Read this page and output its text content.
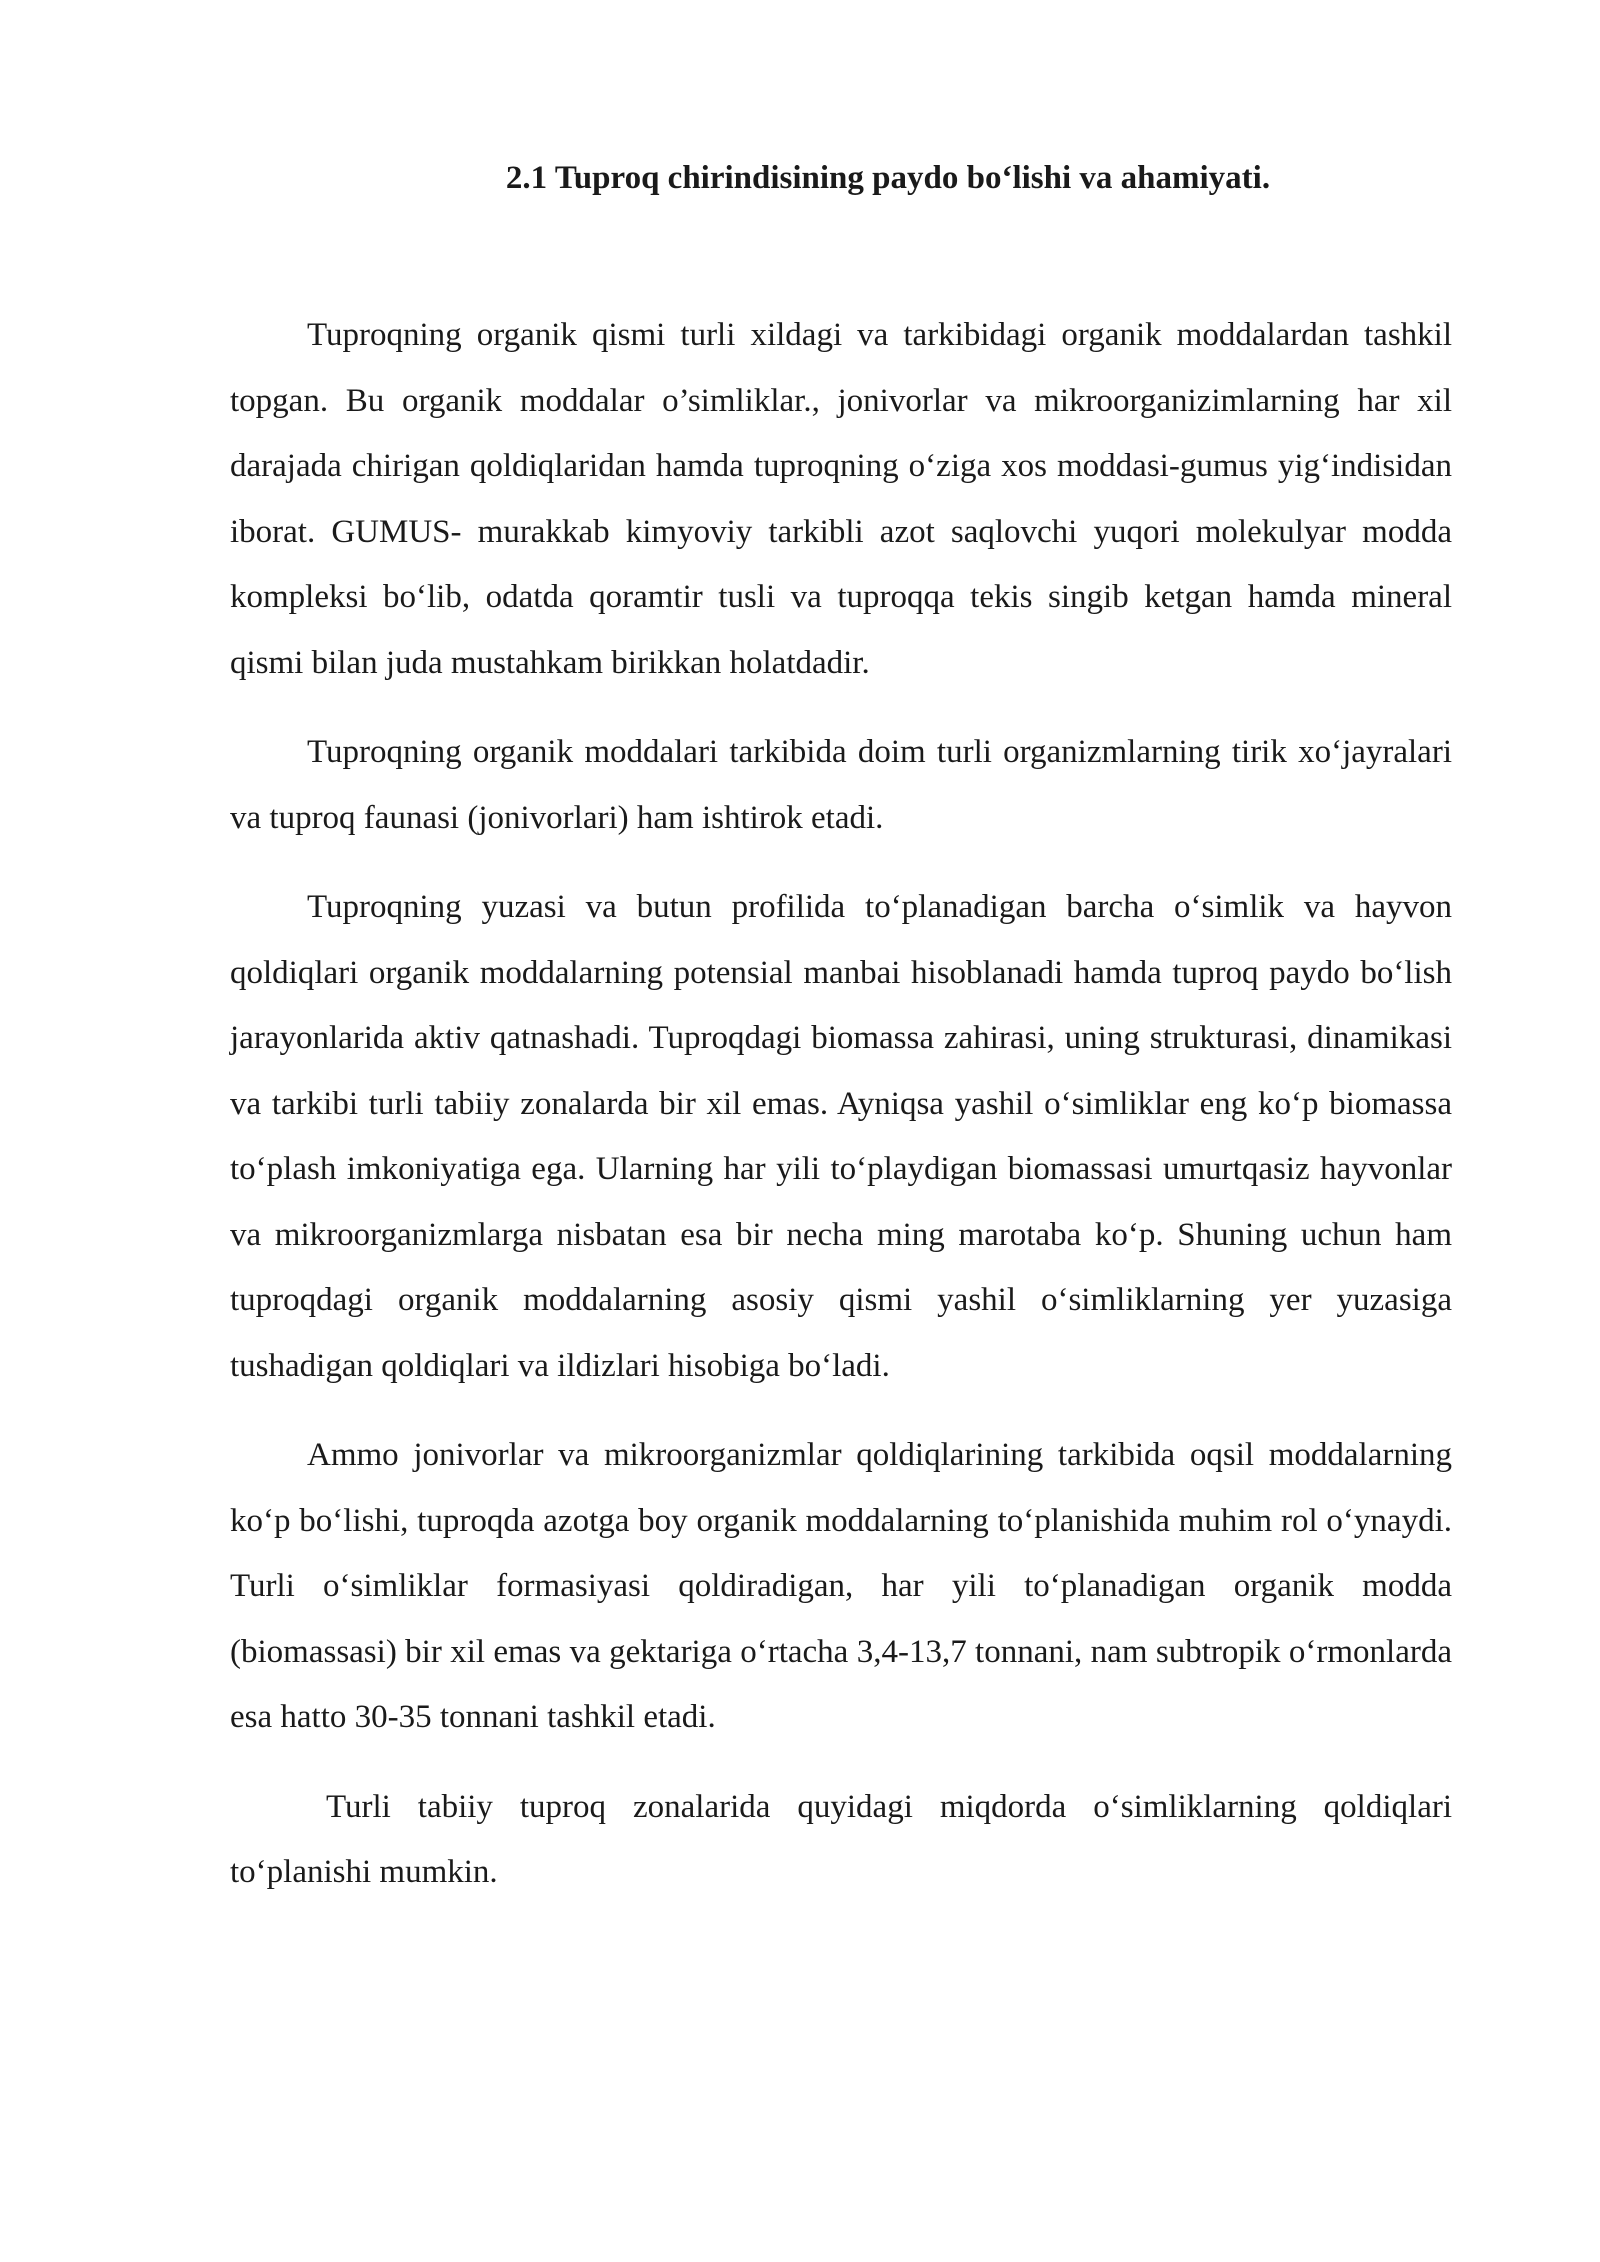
2.1 Tuproq chirindisining paydo bo‘lishi va ahamiyati.

Tuproqning organik qismi turli xildagi va tarkibidagi organik moddalardan tashkil topgan. Bu organik moddalar o’simliklar., jonivorlar va mikroorganizimlarning har xil darajada chirigan qoldiqlaridan hamda tuproqning o‘ziga xos moddasi-gumus yig‘indisidan iborat. GUMUS- murakkab kimyoviy tarkibli azot saqlovchi yuqori molekulyar modda kompleksi bo‘lib, odatda qoramtir tusli va tuproqqa tekis singib ketgan hamda mineral qismi bilan juda mustahkam birikkan holatdadir.

Tuproqning organik moddalari tarkibida doim turli organizmlarning tirik xo‘jayralari va tuproq faunasi (jonivorlari) ham ishtirok etadi.

Tuproqning yuzasi va butun profilida to‘planadigan barcha o‘simlik va hayvon qoldiqlari organik moddalarning potensial manbai hisoblanadi hamda tuproq paydo bo‘lish jarayonlarida aktiv qatnashadi. Tuproqdagi biomassa zahirasi, uning strukturasi, dinamikasi va tarkibi turli tabiiy zonalarda bir xil emas. Ayniqsa yashil o‘simliklar eng ko‘p biomassa to‘plash imkoniyatiga ega. Ularning har yili to‘playdigan biomassasi umurtqasiz hayvonlar va mikroorganizmlarga nisbatan esa bir necha ming marotaba ko‘p. Shuning uchun ham tuproqdagi organik moddalarning asosiy qismi yashil o‘simliklarning yer yuzasiga tushadigan qoldiqlari va ildizlari hisobiga bo‘ladi.

Ammo jonivorlar va mikroorganizmlar qoldiqlarining tarkibida oqsil moddalarning ko‘p bo‘lishi, tuproqda azotga boy organik moddalarning to‘planishida muhim rol o‘ynaydi. Turli o‘simliklar formasiyasi qoldiradigan, har yili to‘planadigan organik modda (biomassasi) bir xil emas va gektariga o‘rtacha 3,4-13,7 tonnani, nam subtropik o‘rmonlarda esa hatto 30-35 tonnani tashkil etadi.

Turli tabiiy tuproq zonalarida quyidagi miqdorda o‘simliklarning qoldiqlari to‘planishi mumkin.
